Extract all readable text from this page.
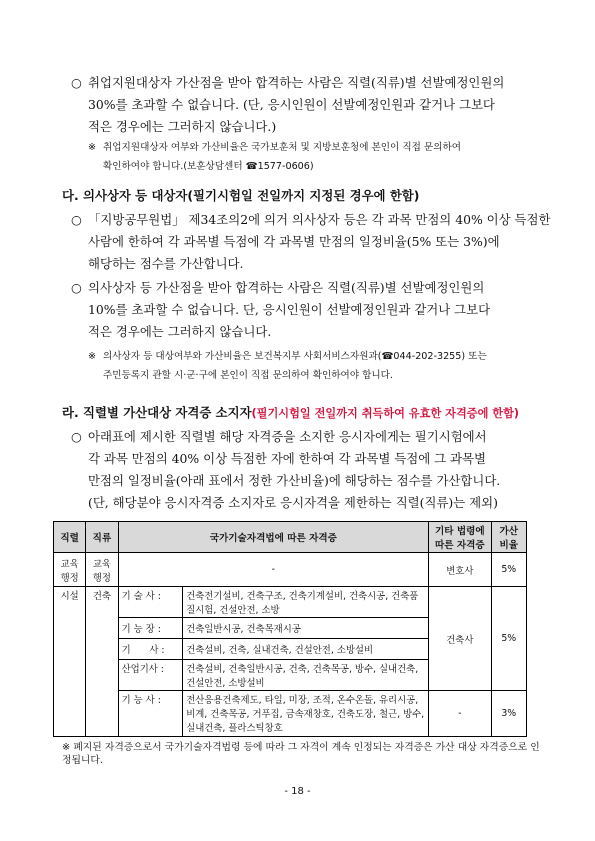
○ 취업지원대상자 가산점을 받아 합격하는 사람은 직렬(직류)별 선발예정인원의
30%를 초과할 수 없습니다. (단, 응시인원이 선발예정인원과 같거나 그보다
적은 경우에는 그러하지 않습니다.)
※ 취업지원대상자 여부와 가산비율은 국가보훈처 및 지방보훈청에 본인이 직접 문의하여
확인하여야 합니다.(보훈상담센터 ☎1577-0606)
다. 의사상자 등 대상자(필기시험일 전일까지 지정된 경우에 한함)
○ 「지방공무원법」 제34조의2에 의거 의사상자 등은 각 과목 만점의 40% 이상 득점한
사람에 한하여 각 과목별 득점에 각 과목별 만점의 일정비율(5% 또는 3%)에
해당하는 점수를 가산합니다.
○ 의사상자 등 가산점을 받아 합격하는 사람은 직렬(직류)별 선발예정인원의
10%를 초과할 수 없습니다. 단, 응시인원이 선발예정인원과 같거나 그보다
적은 경우에는 그러하지 않습니다.
※ 의사상자 등 대상여부와 가산비율은 보건복지부 사회서비스자원과(☎044-202-3255) 또는
주민등록지 관할 시·군·구에 본인이 직접 문의하여 확인하여야 합니다.
라. 직렬별 가산대상 자격증 소지자(필기시험일 전일까지 취득하여 유효한 자격증에 한함)
○ 아래표에 제시한 직렬별 해당 자격증을 소지한 응시자에게는 필기시험에서
각 과목 만점의 40% 이상 득점한 자에 한하여 각 과목별 득점에 그 과목별
만점의 일정비율(아래 표에서 정한 가산비율)에 해당하는 점수를 가산합니다.
(단, 해당분야 응시자격증 소지자로 응시자격을 제한하는 직렬(직류)는 제외)
직렬	직류	국가기술자격법에 따른 자격증		기타 법령에 따른 자격증	가산 비율
교육행정	교육행정	-		변호사	5%
시설	건축	기 술 사 :	건축전기설비, 건축구조, 건축기계설비, 건축시공, 건축품질시험, 건설안전, 소방	건축사	5%
		기 능 장 :	건축일반시공, 건축목재시공		
		기　　사 :	건축설비, 건축, 실내건축, 건설안전, 소방설비		
		산업기사 :	건축설비, 건축일반시공, 건축, 건축목공, 방수, 실내건축, 건설안전, 소방설비		
		기 능 사 :	전산응용건축제도, 타일, 미장, 조적, 온수온돌, 유리시공, 비계, 건축목공, 거푸집, 금속재창호, 건축도장, 철근, 방수, 실내건축, 플라스틱창호	-	3%
※ 폐지된 자격증으로서 국가기술자격법령 등에 따라 그 자격이 계속 인정되는 자격증은 가산 대상 자격증으로 인정됩니다.
- 18 -
